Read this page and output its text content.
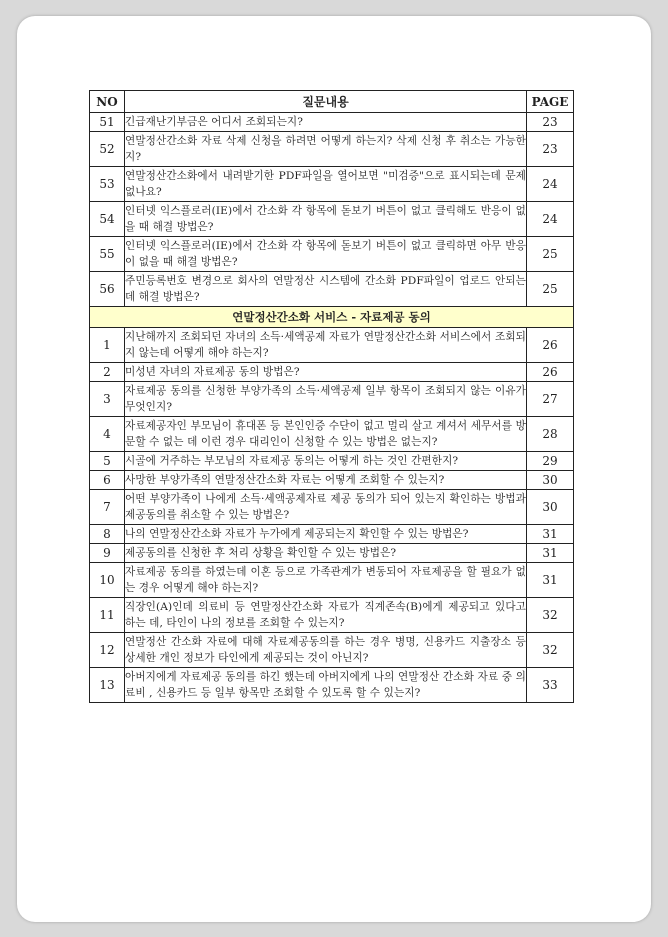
NO	질문내용	PAGE
51	긴급재난기부금은 어디서 조회되는지?	23
52	연말정산간소화 자료 삭제 신청을 하려면 어떻게 하는지? 삭제 신청 후 취소는 가능한지?	23
53	연말정산간소화에서 내려받기한 PDF파일을 열어보면 "미검증"으로 표시되는데 문제없나요?	24
54	인터넷 익스플로러(IE)에서 간소화 각 항목에 돋보기 버튼이 없고 클릭해도 반응이 없을 때 해결 방법은?	24
55	인터넷 익스플로러(IE)에서 간소화 각 항목에 돋보기 버튼이 없고 클릭하면 아무 반응이 없을 때 해결 방법은?	25
56	주민등록번호 변경으로 회사의 연말정산 시스템에 간소화 PDF파일이 업로드 안되는데 해결 방법은?	25
연말정산간소화 서비스 - 자료제공 동의		
1	지난해까지 조회되던 자녀의 소득·세액공제 자료가 연말정산간소화 서비스에서 조회되지 않는데 어떻게 해야 하는지?	26
2	미성년 자녀의 자료제공 동의 방법은?	26
3	자료제공 동의를 신청한 부양가족의 소득·세액공제 일부 항목이 조회되지 않는 이유가 무엇인지?	27
4	자료제공자인 부모님이 휴대폰 등 본인인증 수단이 없고 멀리 살고 계셔서 세무서를 방문할 수 없는 데 이런 경우 대리인이 신청할 수 있는 방법은 없는지?	28
5	시골에 거주하는 부모님의 자료제공 동의는 어떻게 하는 것인 간편한지?	29
6	사망한 부양가족의 연말정산간소화 자료는 어떻게 조회할 수 있는지?	30
7	어떤 부양가족이 나에게 소득·세액공제자료 제공 동의가 되어 있는지 확인하는 방법과 제공동의를 취소할 수 있는 방법은?	30
8	나의 연말정산간소화 자료가 누가에게 제공되는지 확인할 수 있는 방법은?	31
9	제공동의를 신청한 후 처리 상황을 확인할 수 있는 방법은?	31
10	자료제공 동의를 하였는데 이혼 등으로 가족관계가 변동되어 자료제공을 할 필요가 없는 경우 어떻게 해야 하는지?	31
11	직장인(A)인데 의료비 등 연말정산간소화 자료가 직계존속(B)에게 제공되고 있다고 하는 데, 타인이 나의 정보를 조회할 수 있는지?	32
12	연말정산 간소화 자료에 대해 자료제공동의를 하는 경우 병명, 신용카드 지출장소 등 상세한 개인 정보가 타인에게 제공되는 것이 아닌지?	32
13	아버지에게 자료제공 동의를 하긴 했는데 아버지에게 나의 연말정산 간소화 자료 중 의료비 , 신용카드 등 일부 항목만 조회할 수 있도록 할 수 있는지?	33
